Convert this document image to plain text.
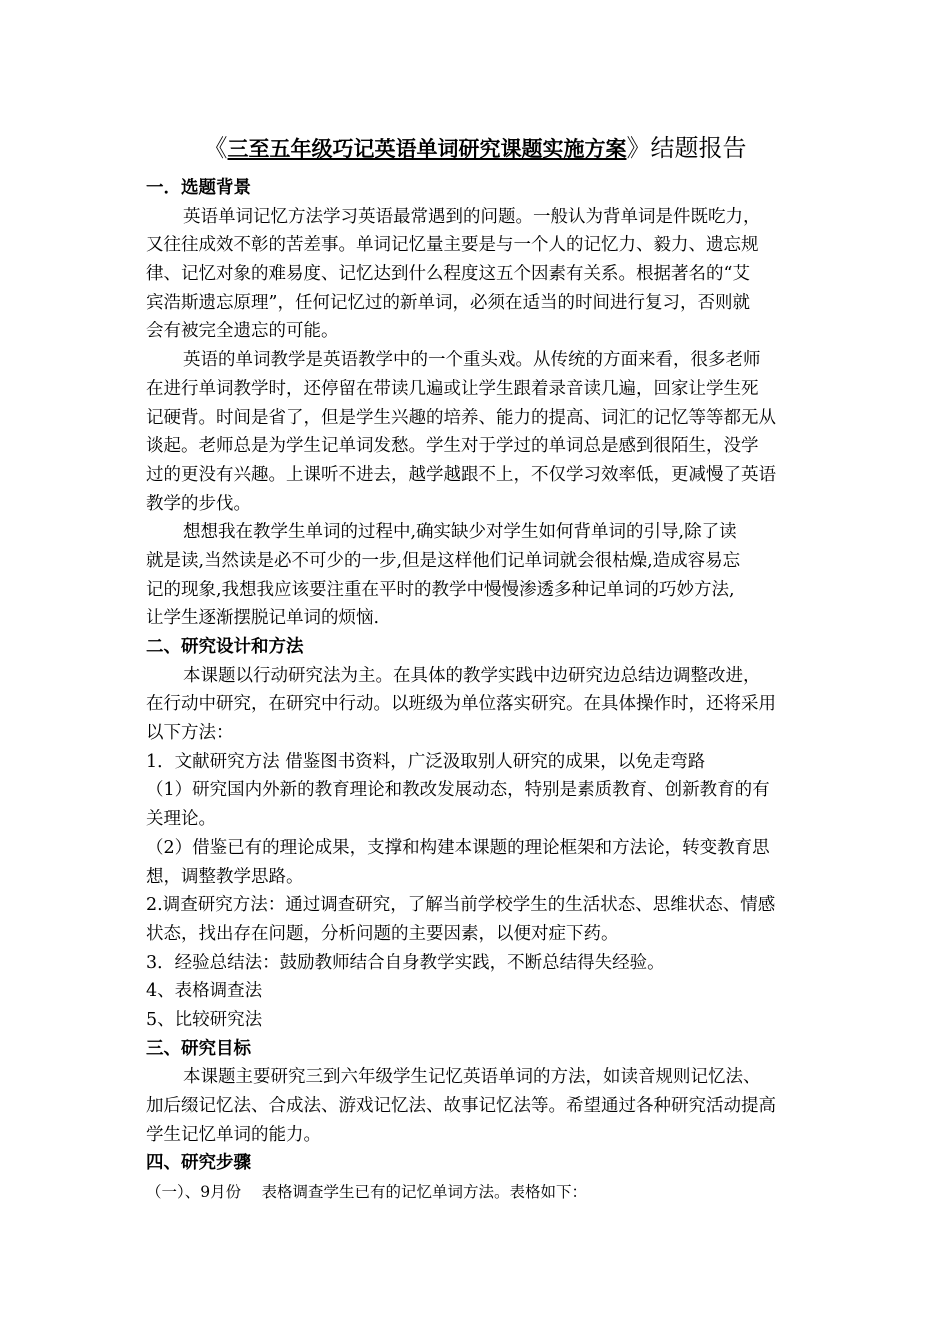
《三至五年级巧记英语单词研究课题实施方案》结题报告
一．选题背景
英语单词记忆方法学习英语最常遇到的问题。一般认为背单词是件既吃力，
又往往成效不彰的苦差事。单词记忆量主要是与一个人的记忆力、毅力、遗忘规
律、记忆对象的难易度、记忆达到什么程度这五个因素有关系。根据著名的“艾
宾浩斯遗忘原理”，任何记忆过的新单词，必须在适当的时间进行复习，否则就
会有被完全遗忘的可能。
英语的单词教学是英语教学中的一个重头戏。从传统的方面来看，很多老师
在进行单词教学时，还停留在带读几遍或让学生跟着录音读几遍，回家让学生死
记硬背。时间是省了，但是学生兴趣的培养、能力的提高、词汇的记忆等等都无从
谈起。老师总是为学生记单词发愁。学生对于学过的单词总是感到很陌生，没学
过的更没有兴趣。上课听不进去，越学越跟不上，不仅学习效率低，更减慢了英语
教学的步伐。
想想我在教学生单词的过程中,确实缺少对学生如何背单词的引导,除了读
就是读,当然读是必不可少的一步,但是这样他们记单词就会很枯燥,造成容易忘
记的现象,我想我应该要注重在平时的教学中慢慢渗透多种记单词的巧妙方法,
让学生逐渐摆脱记单词的烦恼.
二、研究设计和方法
本课题以行动研究法为主。在具体的教学实践中边研究边总结边调整改进，
在行动中研究，在研究中行动。以班级为单位落实研究。在具体操作时，还将采用
以下方法：
1．文献研究方法 借鉴图书资料，广泛汲取别人研究的成果，以免走弯路
（1）研究国内外新的教育理论和教改发展动态，特别是素质教育、创新教育的有
关理论。
（2）借鉴已有的理论成果，支撑和构建本课题的理论框架和方法论，转变教育思
想，调整教学思路。
2.调查研究方法：通过调查研究，了解当前学校学生的生活状态、思维状态、情感
状态，找出存在问题，分析问题的主要因素，以便对症下药。
3．经验总结法：鼓励教师结合自身教学实践，不断总结得失经验。
4、表格调查法
5、比较研究法
三、研究目标
本课题主要研究三到六年级学生记忆英语单词的方法，如读音规则记忆法、
加后缀记忆法、合成法、游戏记忆法、故事记忆法等。希望通过各种研究活动提高
学生记忆单词的能力。
四、研究步骤
（一）、9月份　 表格调查学生已有的记忆单词方法。表格如下：
